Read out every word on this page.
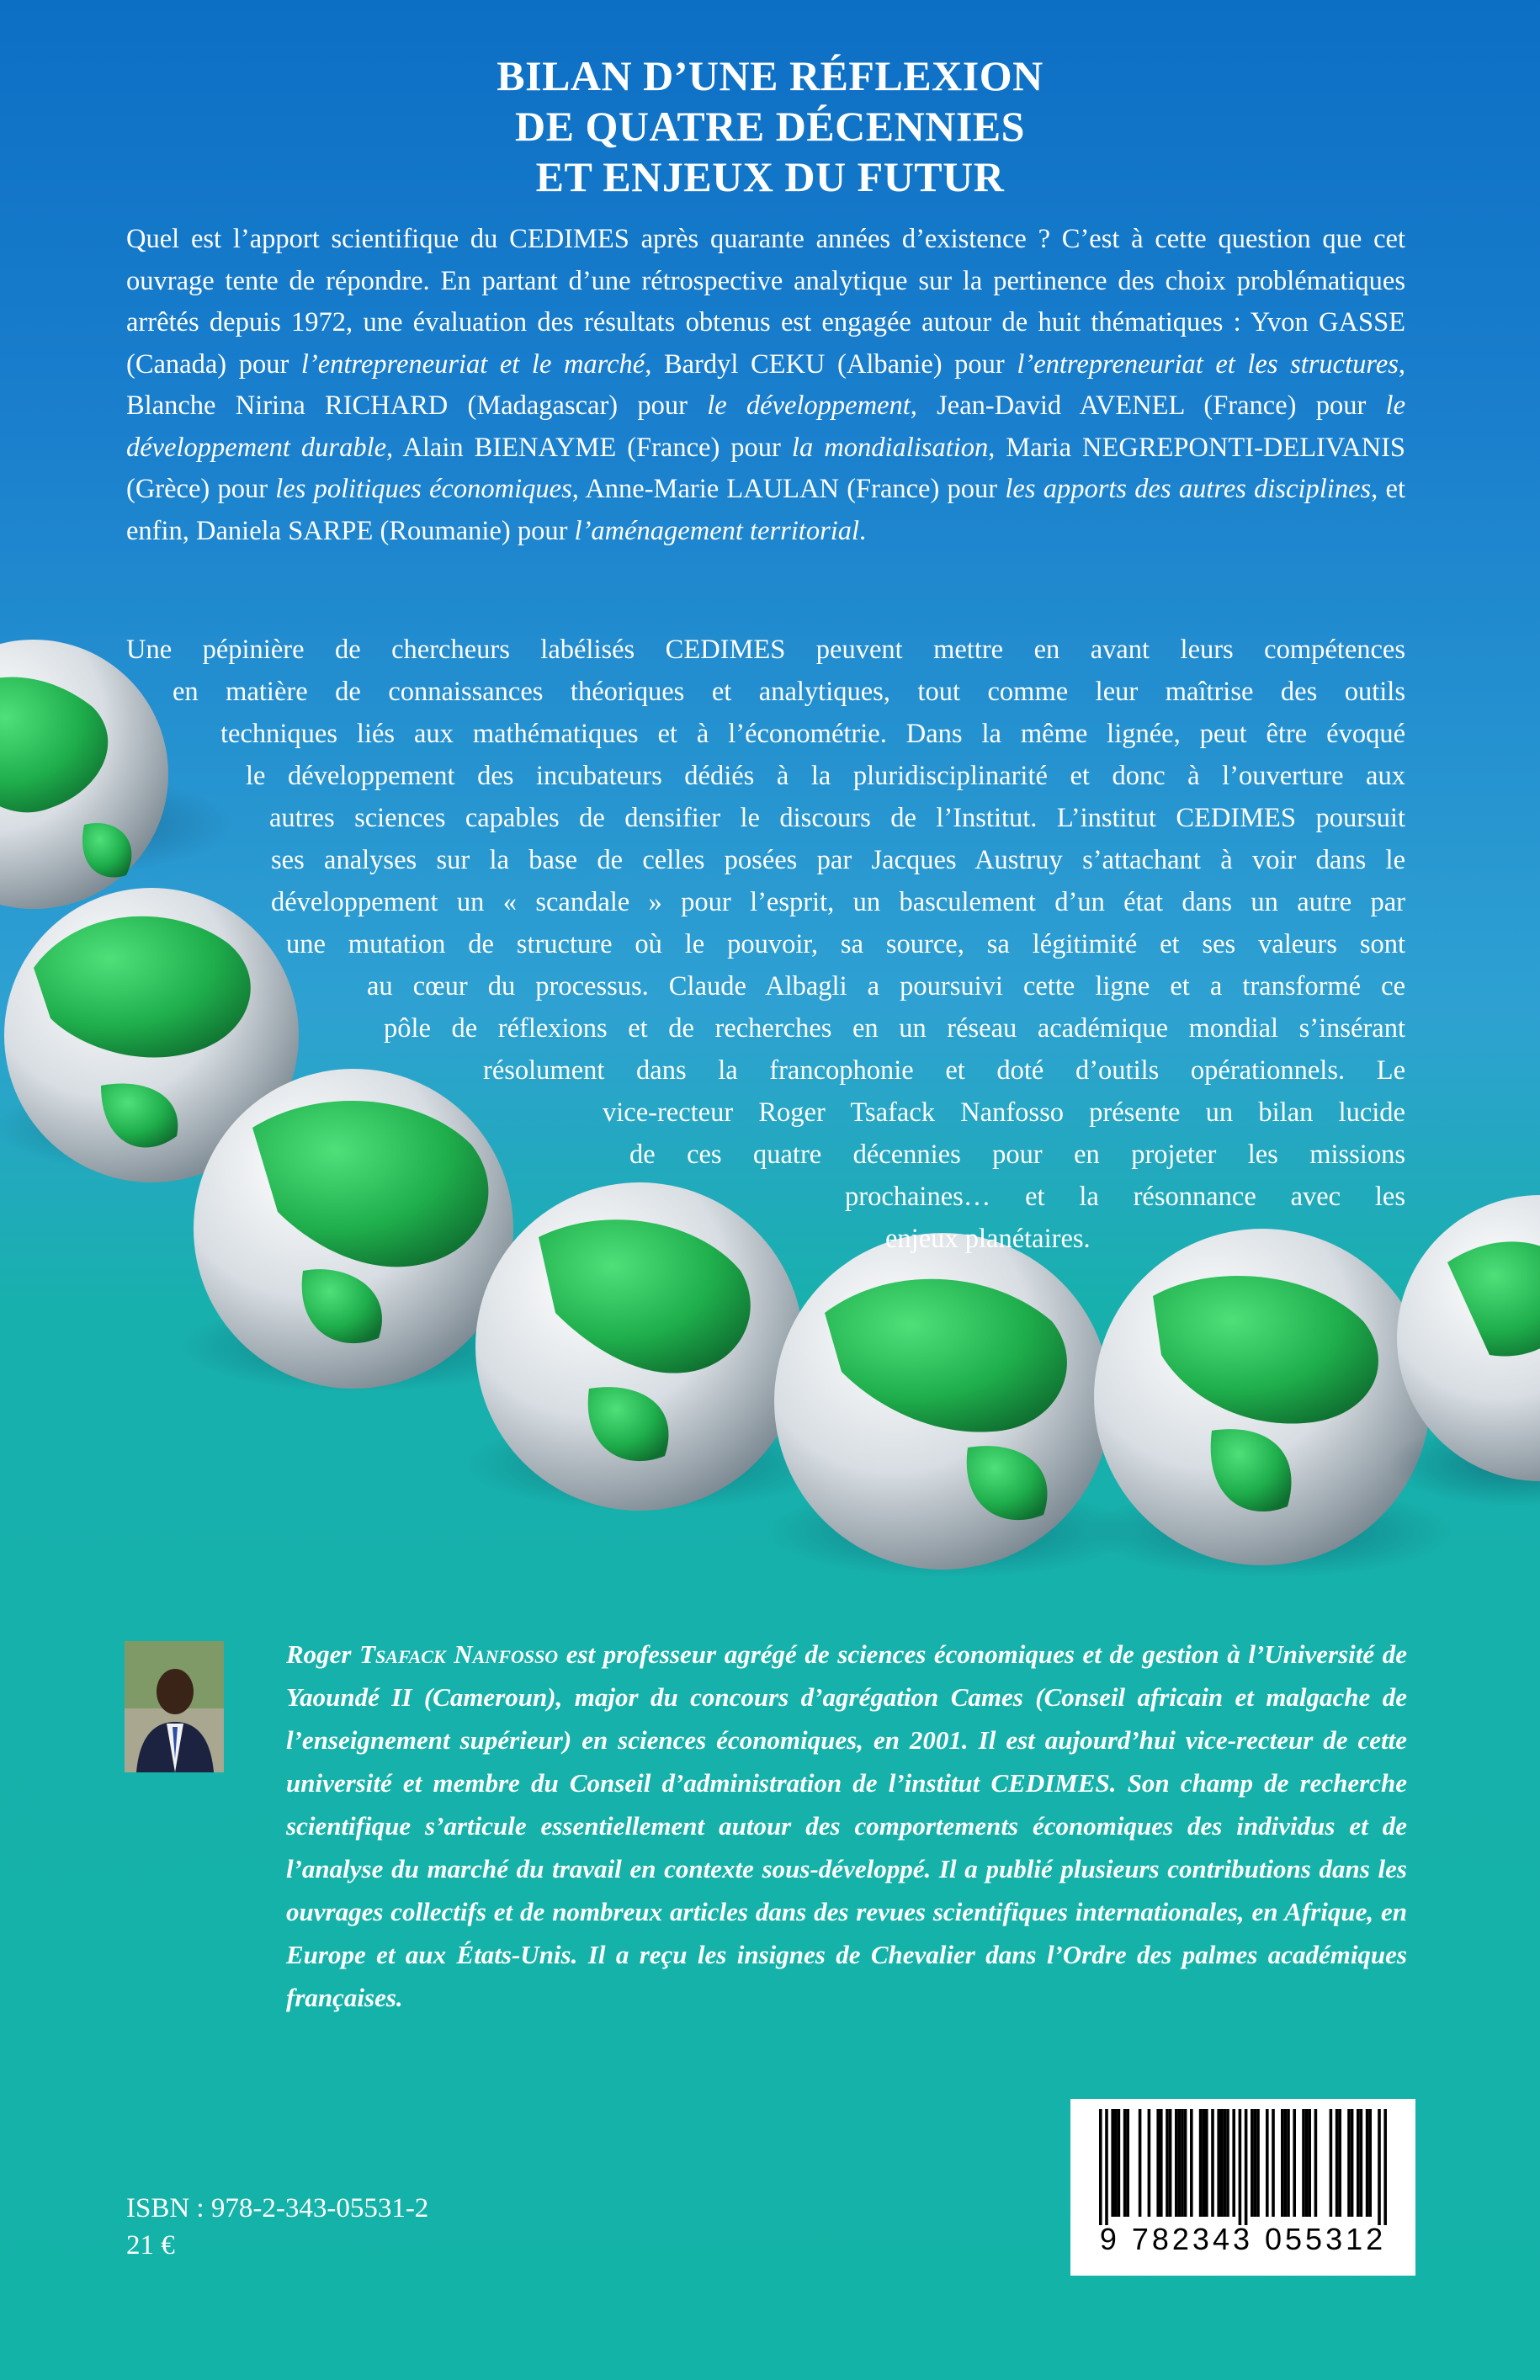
BILAN D’UNE RÉFLEXION
DE QUATRE DÉCENNIES
ET ENJEUX DU FUTUR

Quel est l’apport scientifique du CEDIMES après quarante années d’existence ? C’est à cette question que cet ouvrage tente de répondre. En partant d’une rétrospective analytique sur la pertinence des choix problématiques arrêtés depuis 1972, une évaluation des résultats obtenus est engagée autour de huit thématiques : Yvon GASSE (Canada) pour l’entrepreneuriat et le marché, Bardyl CEKU (Albanie) pour l’entrepreneuriat et les structures, Blanche Nirina RICHARD (Madagascar) pour le développement, Jean-David AVENEL (France) pour le développement durable, Alain BIENAYME (France) pour la mondialisation, Maria NEGREPONTI-DELIVANIS (Grèce) pour les politiques économiques, Anne-Marie LAULAN (France) pour les apports des autres disciplines, et enfin, Daniela SARPE (Roumanie) pour l’aménagement territorial.

Une pépinière de chercheurs labélisés CEDIMES peuvent mettre en avant leurs compétences
en matière de connaissances théoriques et analytiques, tout comme leur maîtrise des outils
techniques liés aux mathématiques et à l’économétrie. Dans la même lignée, peut être évoqué
le développement des incubateurs dédiés à la pluridisciplinarité et donc à l’ouverture aux
autres sciences capables de densifier le discours de l’Institut. L’institut CEDIMES poursuit
ses analyses sur la base de celles posées par Jacques Austruy s’attachant à voir dans le
développement un « scandale » pour l’esprit, un basculement d’un état dans un autre par
une mutation de structure où le pouvoir, sa source, sa légitimité et ses valeurs sont
au cœur du processus. Claude Albagli a poursuivi cette ligne et a transformé ce
pôle de réflexions et de recherches en un réseau académique mondial s’insérant
résolument dans la francophonie et doté d’outils opérationnels. Le
vice-recteur Roger Tsafack Nanfosso présente un bilan lucide
de ces quatre décennies pour en projeter les missions
prochaines… et la résonnance avec les
enjeux planétaires.

Roger Tsafack Nanfosso est professeur agrégé de sciences économiques et de gestion à l’Université de Yaoundé II (Cameroun), major du concours d’agrégation Cames (Conseil africain et malgache de l’enseignement supérieur) en sciences économiques, en 2001. Il est aujourd’hui vice-recteur de cette université et membre du Conseil d’administration de l’institut CEDIMES. Son champ de recherche scientifique s’articule essentiellement autour des comportements économiques des individus et de l’analyse du marché du travail en contexte sous-développé. Il a publié plusieurs contributions dans les ouvrages collectifs et de nombreux articles dans des revues scientifiques internationales, en Afrique, en Europe et aux États-Unis. Il a reçu les insignes de Chevalier dans l’Ordre des palmes académiques françaises.

9 782343 055312

ISBN : 978-2-343-05531-2

21 €
